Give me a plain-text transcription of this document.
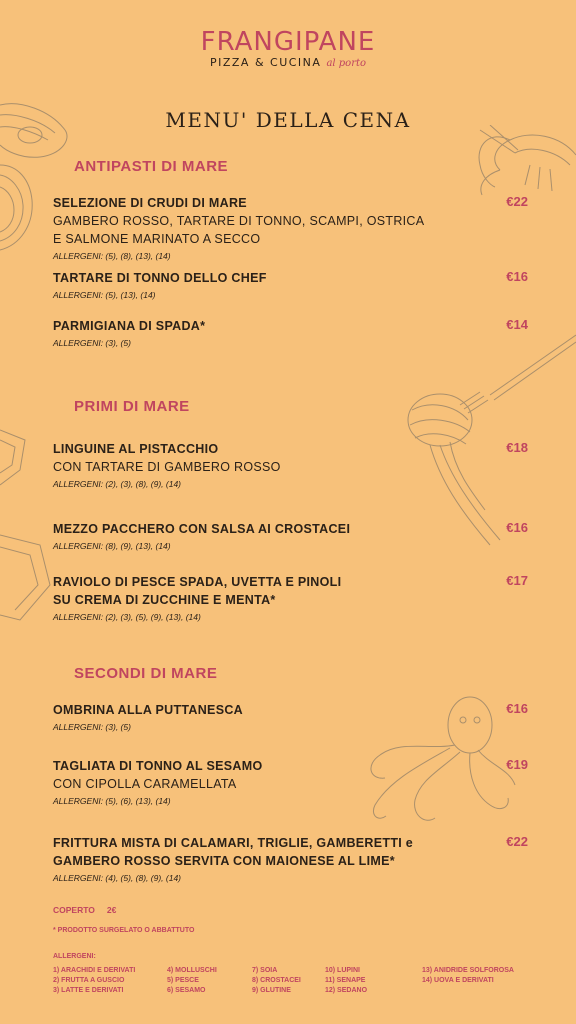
FRANGIPANE
PIZZA & CUCINA al porto
MENU' DELLA CENA
ANTIPASTI DI MARE
SELEZIONE DI CRUDI DI MARE
GAMBERO ROSSO, TARTARE DI TONNO, SCAMPI, OSTRICA
E SALMONE MARINATO A SECCO
ALLERGENI: (5), (8), (13), (14)
€22
TARTARE DI TONNO DELLO CHEF
ALLERGENI: (5), (13), (14)
€16
PARMIGIANA DI SPADA*
ALLERGENI: (3), (5)
€14
PRIMI DI MARE
LINGUINE AL PISTACCHIO
CON TARTARE DI GAMBERO ROSSO
ALLERGENI: (2), (3), (8), (9), (14)
€18
MEZZO PACCHERO CON SALSA AI CROSTACEI
ALLERGENI: (8), (9), (13), (14)
€16
RAVIOLO DI PESCE SPADA, UVETTA E PINOLI
SU CREMA DI ZUCCHINE E MENTA*
ALLERGENI: (2), (3), (5), (9), (13), (14)
€17
SECONDI DI MARE
OMBRINA ALLA PUTTANESCA
ALLERGENI: (3), (5)
€16
TAGLIATA DI TONNO AL SESAMO
CON CIPOLLA CARAMELLATA
ALLERGENI: (5), (6), (13), (14)
€19
FRITTURA MISTA DI CALAMARI, TRIGLIE, GAMBERETTI e
GAMBERO ROSSO SERVITA CON MAIONESE AL LIME*
ALLERGENI: (4), (5), (8), (9), (14)
€22
COPERTO 2€
* PRODOTTO SURGELATO O ABBATTUTO
ALLERGENI:
1) ARACHIDI E DERIVATI
2) FRUTTA A GUSCIO
3) LATTE E DERIVATI
4) MOLLUSCHI
5) PESCE
6) SESAMO
7) SOIA
8) CROSTACEI
9) GLUTINE
10) LUPINI
11) SENAPE
12) SEDANO
13) ANIDRIDE SOLFOROSA
14) UOVA E DERIVATI
